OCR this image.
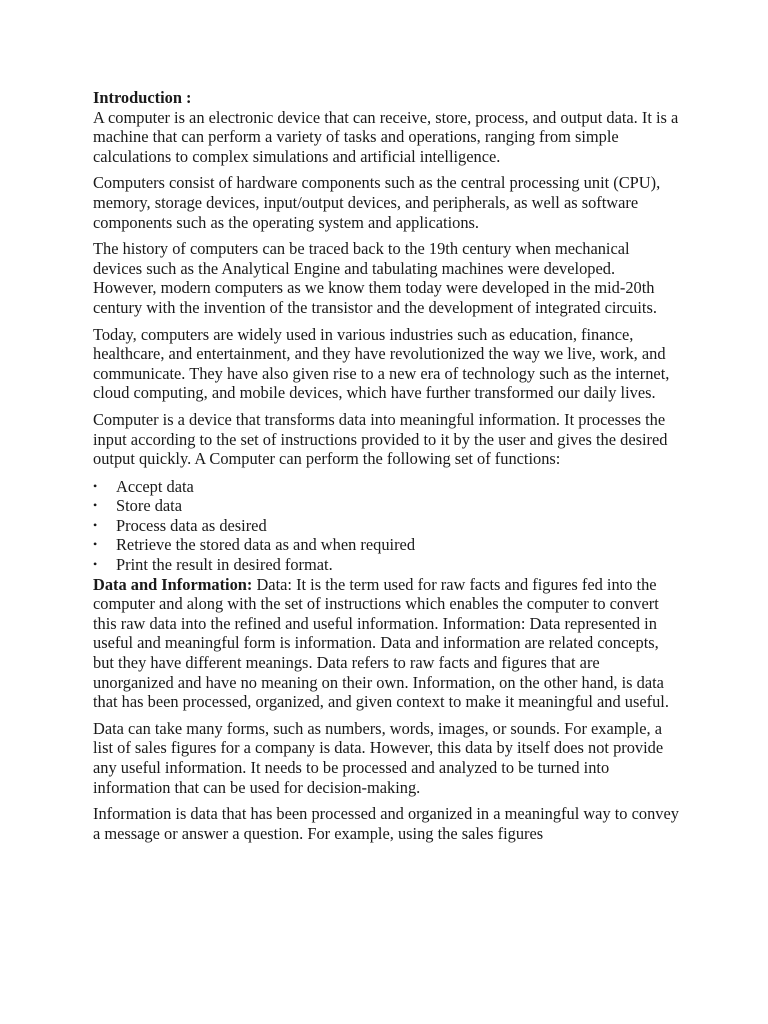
Introduction :

A computer is an electronic device that can receive, store, process, and output data. It is a machine that can perform a variety of tasks and operations, ranging from simple calculations to complex simulations and artificial intelligence.

Computers consist of hardware components such as the central processing unit (CPU), memory, storage devices, input/output devices, and peripherals, as well as software components such as the operating system and applications.

The history of computers can be traced back to the 19th century when mechanical devices such as the Analytical Engine and tabulating machines were developed. However, modern computers as we know them today were developed in the mid-20th century with the invention of the transistor and the development of integrated circuits.

Today, computers are widely used in various industries such as education, finance, healthcare, and entertainment, and they have revolutionized the way we live, work, and communicate. They have also given rise to a new era of technology such as the internet, cloud computing, and mobile devices, which have further transformed our daily lives.

Computer is a device that transforms data into meaningful information. It processes the input according to the set of instructions provided to it by the user and gives the desired output quickly. A Computer can perform the following set of functions:

• Accept data
• Store data
• Process data as desired
• Retrieve the stored data as and when required
• Print the result in desired format.

Data and Information: Data: It is the term used for raw facts and figures fed into the computer and along with the set of instructions which enables the computer to convert this raw data into the refined and useful information. Information: Data represented in useful and meaningful form is information. Data and information are related concepts, but they have different meanings. Data refers to raw facts and figures that are unorganized and have no meaning on their own. Information, on the other hand, is data that has been processed, organized, and given context to make it meaningful and useful.

Data can take many forms, such as numbers, words, images, or sounds. For example, a list of sales figures for a company is data. However, this data by itself does not provide any useful information. It needs to be processed and analyzed to be turned into information that can be used for decision-making.

Information is data that has been processed and organized in a meaningful way to convey a message or answer a question. For example, using the sales figures
